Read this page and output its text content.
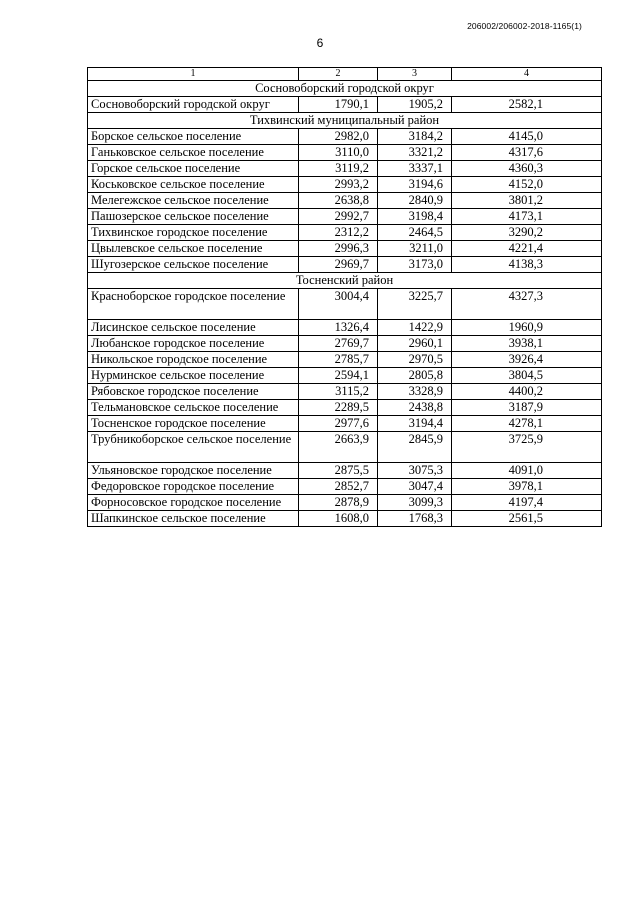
206002/206002-2018-1165(1)
6
1	2	3	4
Сосновоборский городской округ			
Сосновоборский городской округ	1790,1	1905,2	2582,1
Тихвинский муниципальный район			
Борское сельское поселение	2982,0	3184,2	4145,0
Ганьковское сельское поселение	3110,0	3321,2	4317,6
Горское сельское поселение	3119,2	3337,1	4360,3
Коськовское сельское поселение	2993,2	3194,6	4152,0
Мелегежское сельское поселение	2638,8	2840,9	3801,2
Пашозерское сельское поселение	2992,7	3198,4	4173,1
Тихвинское городское поселение	2312,2	2464,5	3290,2
Цвылевское сельское поселение	2996,3	3211,0	4221,4
Шугозерское сельское поселение	2969,7	3173,0	4138,3
Тосненский район			
Красноборское городское поселение	3004,4	3225,7	4327,3
Лисинское сельское поселение	1326,4	1422,9	1960,9
Любанское городское поселение	2769,7	2960,1	3938,1
Никольское городское поселение	2785,7	2970,5	3926,4
Нурминское сельское поселение	2594,1	2805,8	3804,5
Рябовское городское поселение	3115,2	3328,9	4400,2
Тельмановское сельское поселение	2289,5	2438,8	3187,9
Тосненское городское поселение	2977,6	3194,4	4278,1
Трубникоборское сельское поселение	2663,9	2845,9	3725,9
Ульяновское городское поселение	2875,5	3075,3	4091,0
Федоровское городское поселение	2852,7	3047,4	3978,1
Форносовское городское поселение	2878,9	3099,3	4197,4
Шапкинское сельское поселение	1608,0	1768,3	2561,5
